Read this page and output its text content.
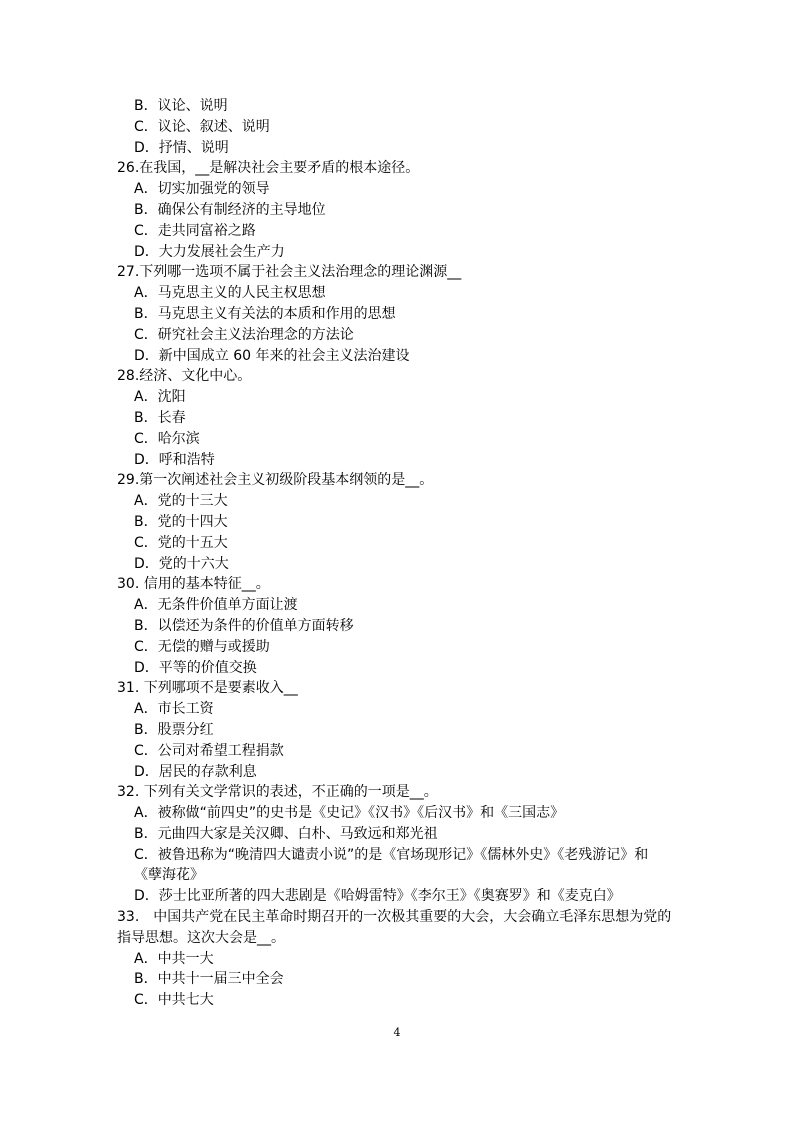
B．议论、说明
C．议论、叙述、说明
D．抒情、说明
26.在我国，__是解决社会主要矛盾的根本途径。
A．切实加强党的领导
B．确保公有制经济的主导地位
C．走共同富裕之路
D．大力发展社会生产力
27.下列哪一选项不属于社会主义法治理念的理论渊源__
A．马克思主义的人民主权思想
B．马克思主义有关法的本质和作用的思想
C．研究社会主义法治理念的方法论
D．新中国成立 60 年来的社会主义法治建设
28.经济、文化中心。
A．沈阳
B．长春
C．哈尔滨
D．呼和浩特
29.第一次阐述社会主义初级阶段基本纲领的是__。
A．党的十三大
B．党的十四大
C．党的十五大
D．党的十六大
30. 信用的基本特征__。
A．无条件价值单方面让渡
B．以偿还为条件的价值单方面转移
C．无偿的赠与或援助
D．平等的价值交换
31. 下列哪项不是要素收入__
A．市长工资
B．股票分红
C．公司对希望工程捐款
D．居民的存款利息
32. 下列有关文学常识的表述，不正确的一项是__。
A．被称做“前四史”的史书是《史记》《汉书》《后汉书》和《三国志》
B．元曲四大家是关汉卿、白朴、马致远和郑光祖
C．被鲁迅称为“晚清四大谴责小说”的是《官场现形记》《儒林外史》《老残游记》和
《孽海花》
D．莎士比亚所著的四大悲剧是《哈姆雷特》《李尔王》《奥赛罗》和《麦克白》
33.　中国共产党在民主革命时期召开的一次极其重要的大会，大会确立毛泽东思想为党的
指导思想。这次大会是__。
A．中共一大
B．中共十一届三中全会
C．中共七大
4
